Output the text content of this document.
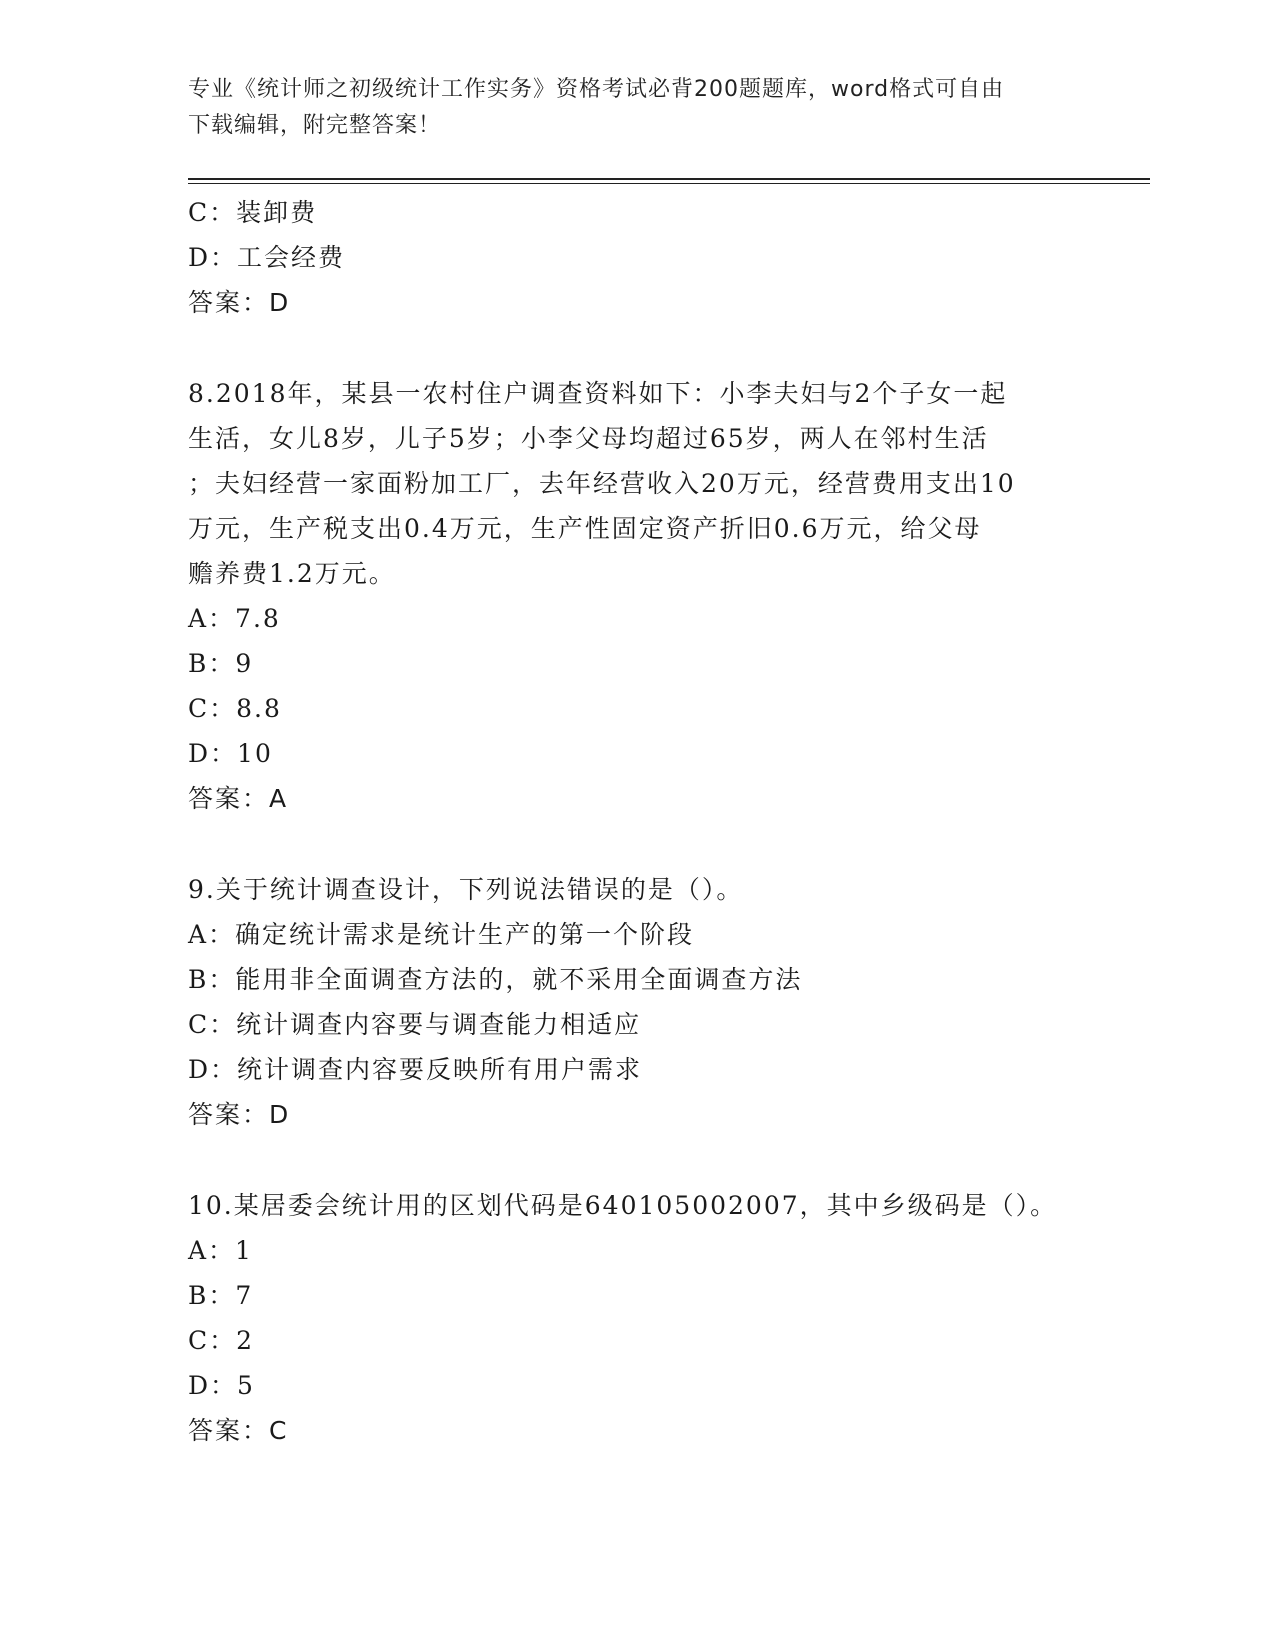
专业《统计师之初级统计工作实务》资格考试必背200题题库，word格式可自由
下载编辑，附完整答案！
C：装卸费
D：工会经费
答案：D
8.2018年，某县一农村住户调查资料如下：小李夫妇与2个子女一起
生活，女儿8岁，儿子5岁；小李父母均超过65岁，两人在邻村生活
；夫妇经营一家面粉加工厂，去年经营收入20万元，经营费用支出10
万元，生产税支出0.4万元，生产性固定资产折旧0.6万元，给父母
赡养费1.2万元。
A：7.8
B：9
C：8.8
D：10
答案：A
9.关于统计调查设计，下列说法错误的是（）。
A：确定统计需求是统计生产的第一个阶段
B：能用非全面调查方法的，就不采用全面调查方法
C：统计调查内容要与调查能力相适应
D：统计调查内容要反映所有用户需求
答案：D
10.某居委会统计用的区划代码是640105002007，其中乡级码是（）。
A：1
B：7
C：2
D：5
答案：C
